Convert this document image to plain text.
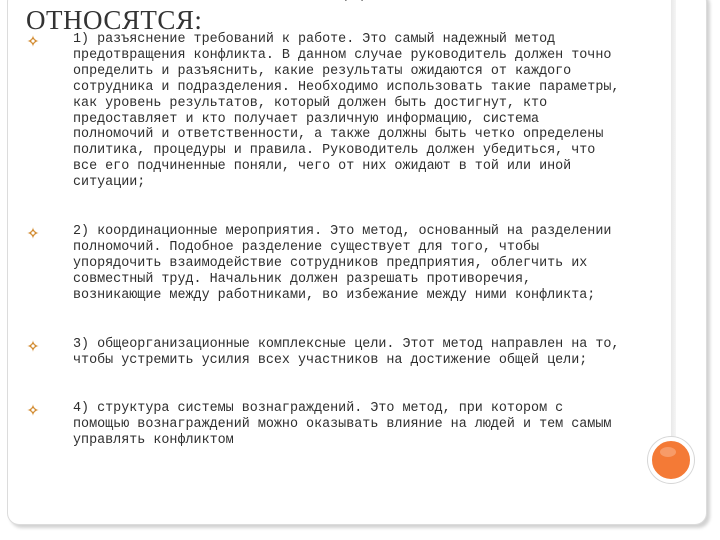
ОТНОСЯТСЯ:
1) разъяснение требований к работе. Это самый надежный метод предотвращения конфликта. В данном случае руководитель должен точно определить и разъяснить, какие результаты ожидаются от каждого сотрудника и подразделения. Необходимо использовать такие параметры, как уровень результатов, который должен быть достигнут, кто предоставляет и кто получает различную информацию, система полномочий и ответственности, а также должны быть четко определены политика, процедуры и правила. Руководитель должен убедиться, что все его подчиненные поняли, чего от них ожидают в той или иной ситуации;
2) координационные мероприятия. Это метод, основанный на разделении полномочий. Подобное разделение существует для того, чтобы упорядочить взаимодействие сотрудников предприятия, облегчить их совместный труд. Начальник должен разрешать противоречия, возникающие между работниками, во избежание между ними конфликта;
3) общеорганизационные комплексные цели. Этот метод направлен на то, чтобы устремить усилия всех участников на достижение общей цели;
4) структура системы вознаграждений. Это метод, при котором с помощью вознаграждений можно оказывать влияние на людей и тем самым управлять конфликтом
